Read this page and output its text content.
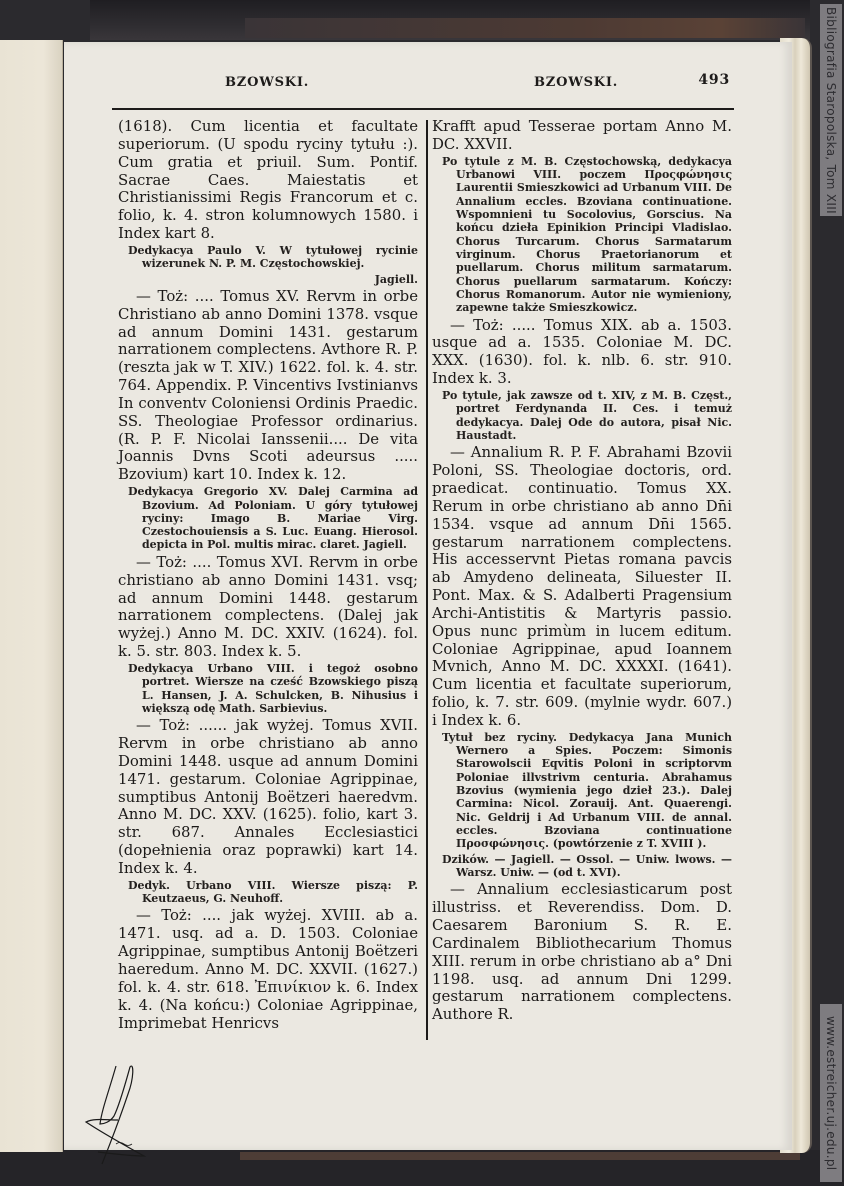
Bibliografia Staropolska, Tom XIII
www.estreicher.uj.edu.pl
BZOWSKI.	BZOWSKI.	493

(1618). Cum licentia et facultate superiorum. (U spodu ryciny tytułu :). Cum gratia et priuil. Sum. Pontif. Sacrae Caes. Maiestatis et Christianissimi Regis Francorum et c. folio, k. 4. stron kolumnowych 1580. i Index kart 8.

Dedykacya Paulo V. W tytułowej rycinie wizerunek N. P. M. Częstochowskiej.

Jagiell.

— Toż: .... Tomus XV. Rervm in orbe Christiano ab anno Domini 1378. vsque ad annum Domini 1431. gestarum narrationem complectens. Avthore R. P. (reszta jak w T. XIV.) 1622. fol. k. 4. str. 764. Appendix. P. Vincentivs Ivstinianvs In conventv Coloniensi Ordinis Praedic. SS. Theologiae Professor ordinarius. (R. P. F. Nicolai Ianssenii.... De vita Joannis Dvns Scoti adeursus ..... Bzovium) kart 10. Index k. 12.

Dedykacya Gregorio XV. Dalej Carmina ad Bzovium. Ad Poloniam. U góry tytułowej ryciny: Imago B. Mariae Virg. Czestochouiensis a S. Luc. Euang. Hierosol. depicta in Pol. multis mirac. claret. Jagiell.

— Toż: .... Tomus XVI. Rervm in orbe christiano ab anno Domini 1431. vsq; ad annum Domini 1448. gestarum narrationem complectens. (Dalej jak wyżej.) Anno M. DC. XXIV. (1624). fol. k. 5. str. 803. Index k. 5.

Dedykacya Urbano VIII. i tegoż osobno portret. Wiersze na cześć Bzowskiego piszą L. Hansen, J. A. Schulcken, B. Nihusius i większą odę Math. Sarbievius.

— Toż: ...... jak wyżej. Tomus XVII. Rervm in orbe christiano ab anno Domini 1448. usque ad annum Domini 1471. gestarum. Coloniae Agrippinae, sumptibus Antonij Boëtzeri haeredvm. Anno M. DC. XXV. (1625). folio, kart 3. str. 687. Annales Ecclesiastici (dopełnienia oraz poprawki) kart 14. Index k. 4.

Dedyk. Urbano VIII. Wiersze piszą: P. Keutzaeus, G. Neuhoff.

— Toż: .... jak wyżej. XVIII. ab a. 1471. usq. ad a. D. 1503. Coloniae Agrippinae, sumptibus Antonij Boëtzeri haeredum. Anno M. DC. XXVII. (1627.) fol. k. 4. str. 618. Ἐπινίκιον k. 6. Index k. 4. (Na końcu:) Coloniae Agrippinae, Imprimebat Henricvs

Krafft apud Tesserae portam Anno M. DC. XXVII.

Po tytule z M. B. Częstochowską, dedykacya Urbanowi VIII. poczem Προςφώνησις Laurentii Smieszkowici ad Urbanum VIII. De Annalium eccles. Bzoviana continuatione. Wspomnieni tu Socolovius, Gorscius. Na końcu dzieła Epinikion Principi Vladislao. Chorus Turcarum. Chorus Sarmatarum virginum. Chorus Praetorianorum et puellarum. Chorus militum sarmatarum. Chorus puellarum sarmatarum. Kończy: Chorus Romanorum. Autor nie wymieniony, zapewne także Smieszkowicz.

— Toż: ..... Tomus XIX. ab a. 1503. usque ad a. 1535. Coloniae M. DC. XXX. (1630). fol. k. nlb. 6. str. 910. Index k. 3.

Po tytule, jak zawsze od t. XIV, z M. B. Częst., portret Ferdynanda II. Ces. i temuż dedykacya. Dalej Ode do autora, pisał Nic. Haustadt.

— Annalium R. P. F. Abrahami Bzovii Poloni, SS. Theologiae doctoris, ord. praedicat. continuatio. Tomus XX. Rerum in orbe christiano ab anno Dn̄i 1534. vsque ad annum Dn̄i 1565. gestarum narrationem complectens. His accesservnt Pietas romana pavcis ab Amydeno delineata, Siluester II. Pont. Max. & S. Adalberti Pragensium Archi-Antistitis & Martyris passio. Opus nunc primùm in lucem editum. Coloniae Agrippinae, apud Ioannem Mvnich, Anno M. DC. XXXXI. (1641). Cum licentia et facultate superiorum, folio, k. 7. str. 609. (mylnie wydr. 607.) i Index k. 6.

Tytuł bez ryciny. Dedykacya Jana Munich Wernero a Spies. Poczem: Simonis Starowolscii Eqvitis Poloni in scriptorvm Poloniae illvstrivm centuria. Abrahamus Bzovius (wymienia jego dzieł 23.). Dalej Carmina: Nicol. Zorauij. Ant. Quaerengi. Nic. Geldrij i Ad Urbanum VIII. de annal. eccles. Bzoviana continuatione Προσφώνησις. (powtórzenie z T. XVIII ).

Dzików. — Jagiell. — Ossol. — Uniw. lwows. — Warsz. Uniw. — (od t. XVI).

— Annalium ecclesiasticarum post illustriss. et Reverendiss. Dom. D. Caesarem Baronium S. R. E. Cardinalem Bibliothecarium Thomus XIII. rerum in orbe christiano ab a° Dni 1198. usq. ad annum Dni 1299. gestarum narrationem complectens. Authore R.
